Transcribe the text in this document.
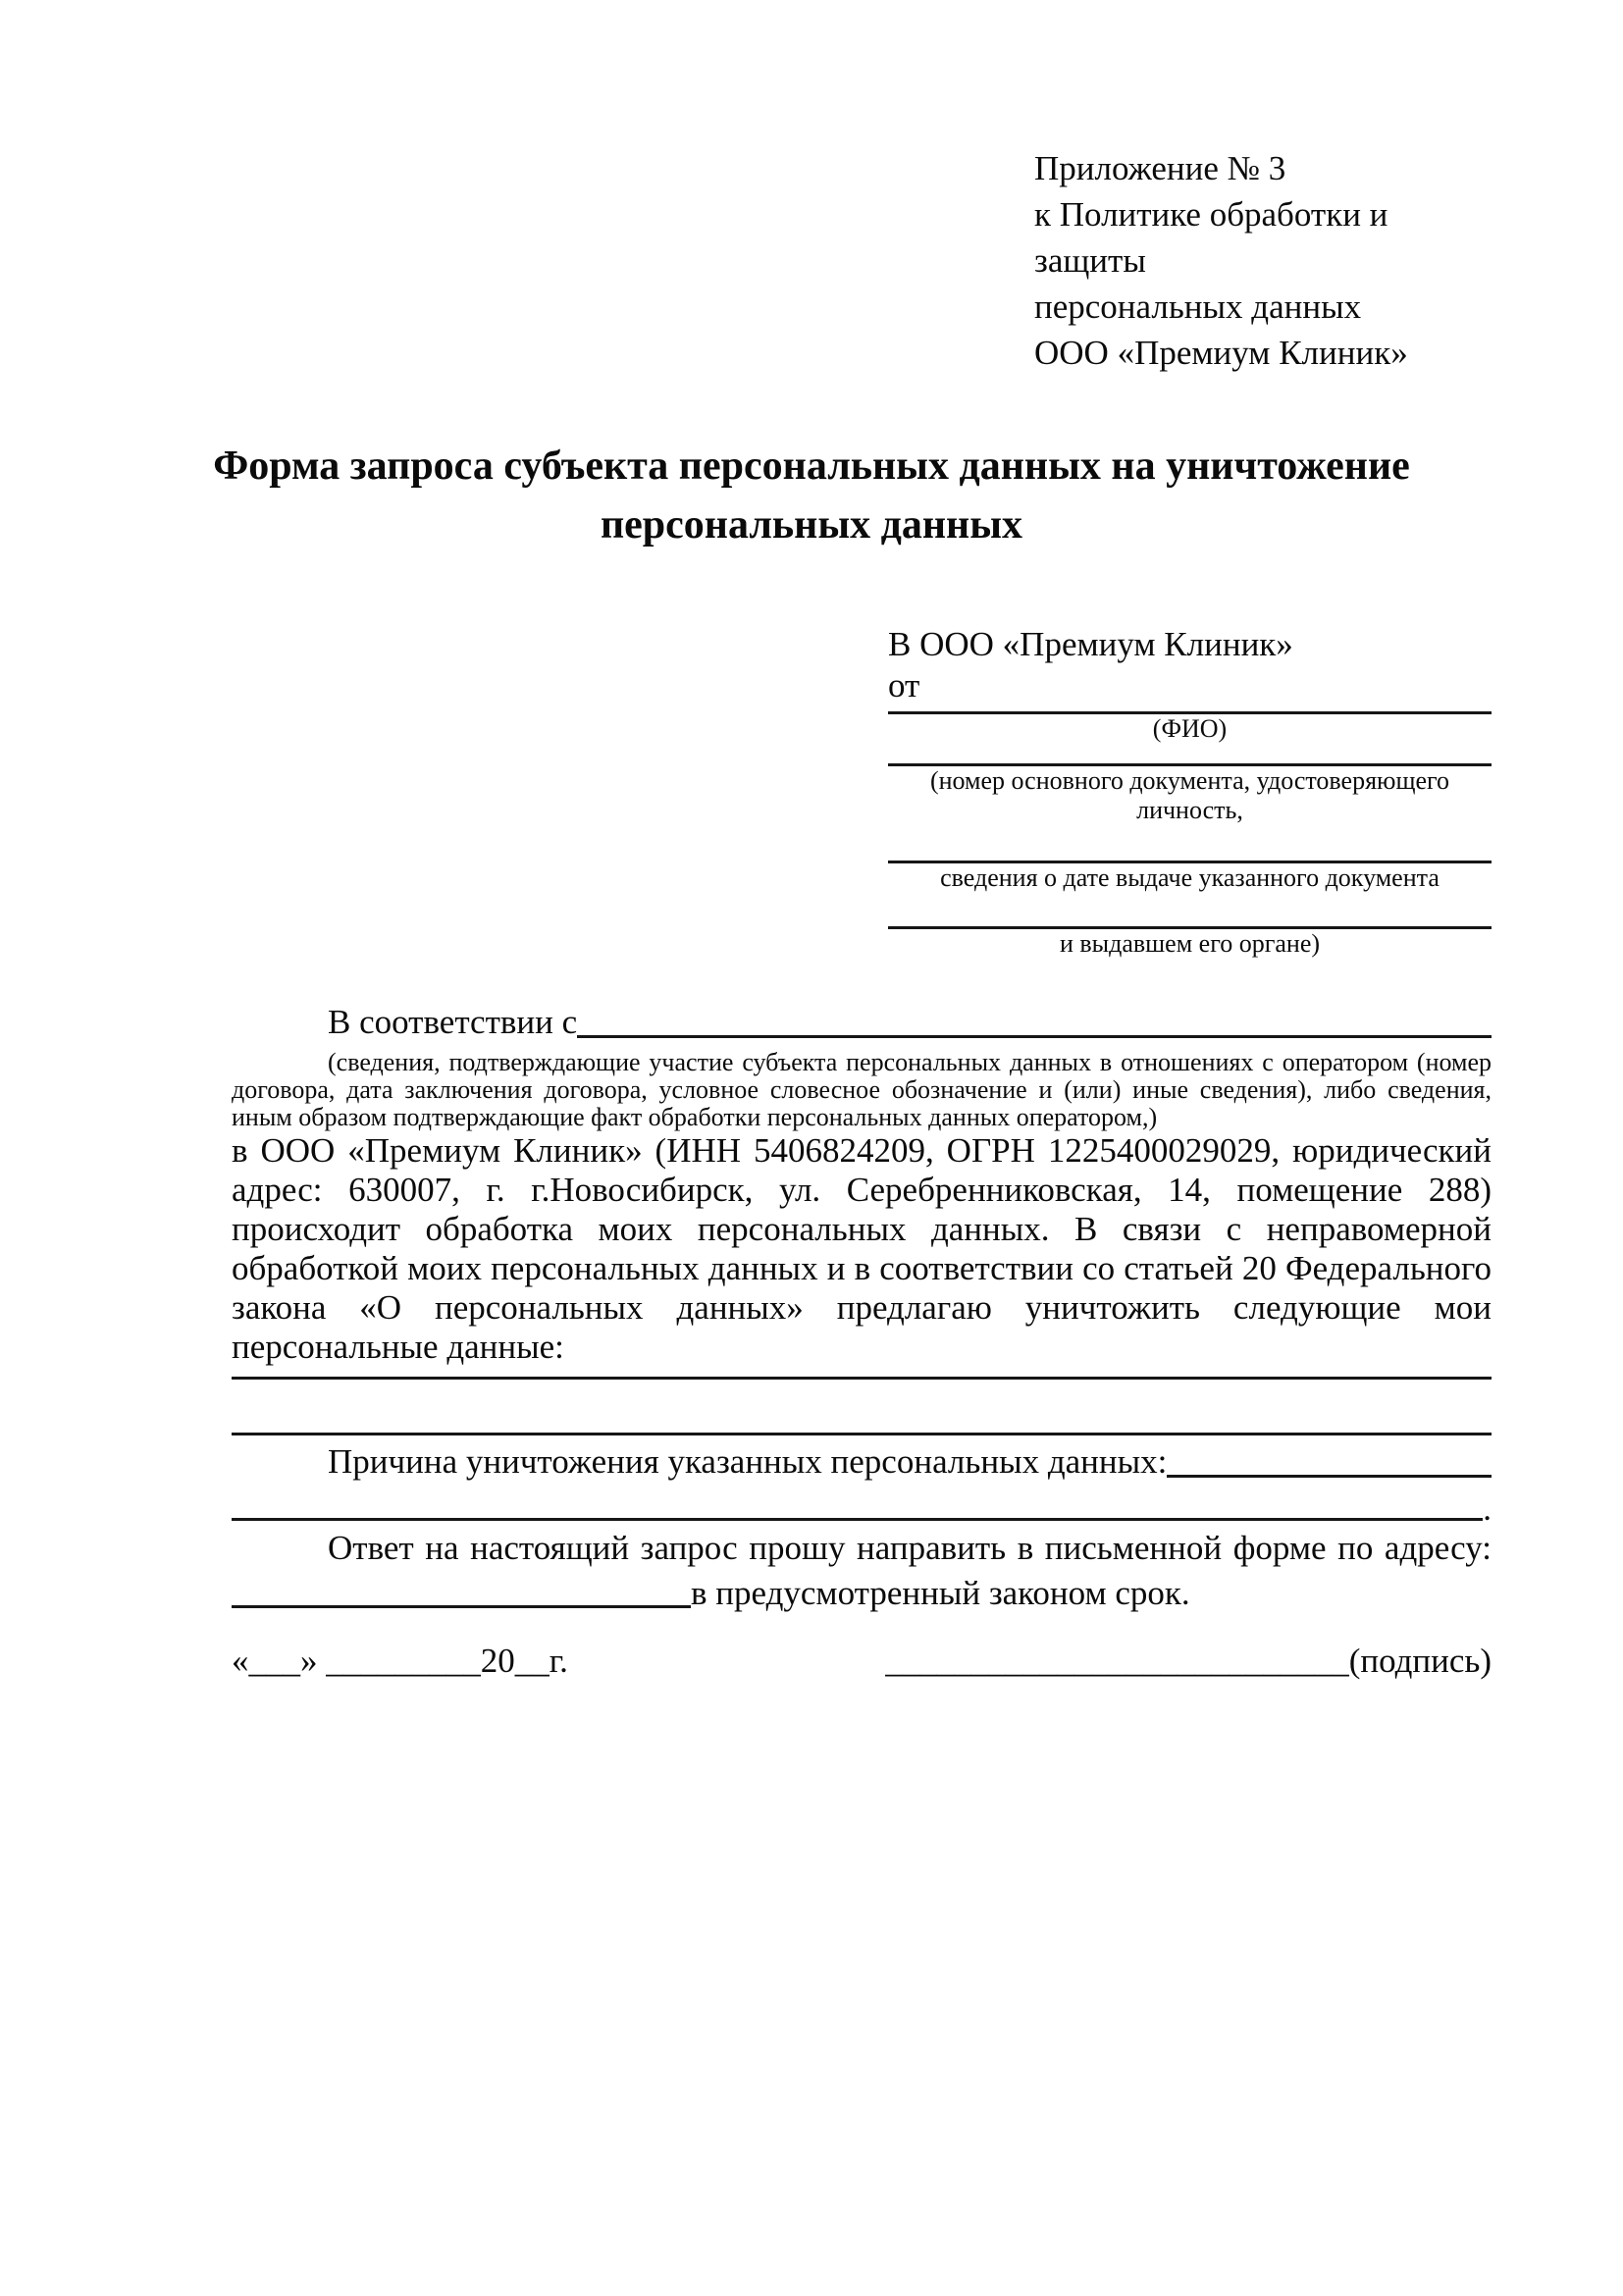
Приложение № 3
к Политике обработки и защиты
персональных данных
ООО «Премиум Клиник»
Форма запроса субъекта персональных данных на уничтожение
персональных данных
В ООО «Премиум Клиник»
от
(ФИО)
(номер основного документа, удостоверяющего личность,
сведения о дате выдаче указанного документа
и выдавшем его органе)
В соответствии с

(сведения, подтверждающие участие субъекта персональных данных в отношениях с оператором (номер договора, дата заключения договора, условное словесное обозначение и (или) иные сведения), либо сведения, иным образом подтверждающие факт обработки персональных данных оператором,)

в ООО «Премиум Клиник» (ИНН 5406824209, ОГРН 1225400029029, юридический адрес: 630007, г. г.Новосибирск, ул. Серебренниковская, 14, помещение 288) происходит обработка моих персональных данных. В связи с неправомерной обработкой моих персональных данных и в соответствии со статьей 20 Федерального закона «О персональных данных» предлагаю уничтожить следующие мои персональные данные:

Причина уничтожения указанных персональных данных:
.

Ответ на настоящий запрос прошу направить в письменной форме по адресу:

в предусмотренный законом срок.
«___» _________20__г.	___________________________(подпись)
